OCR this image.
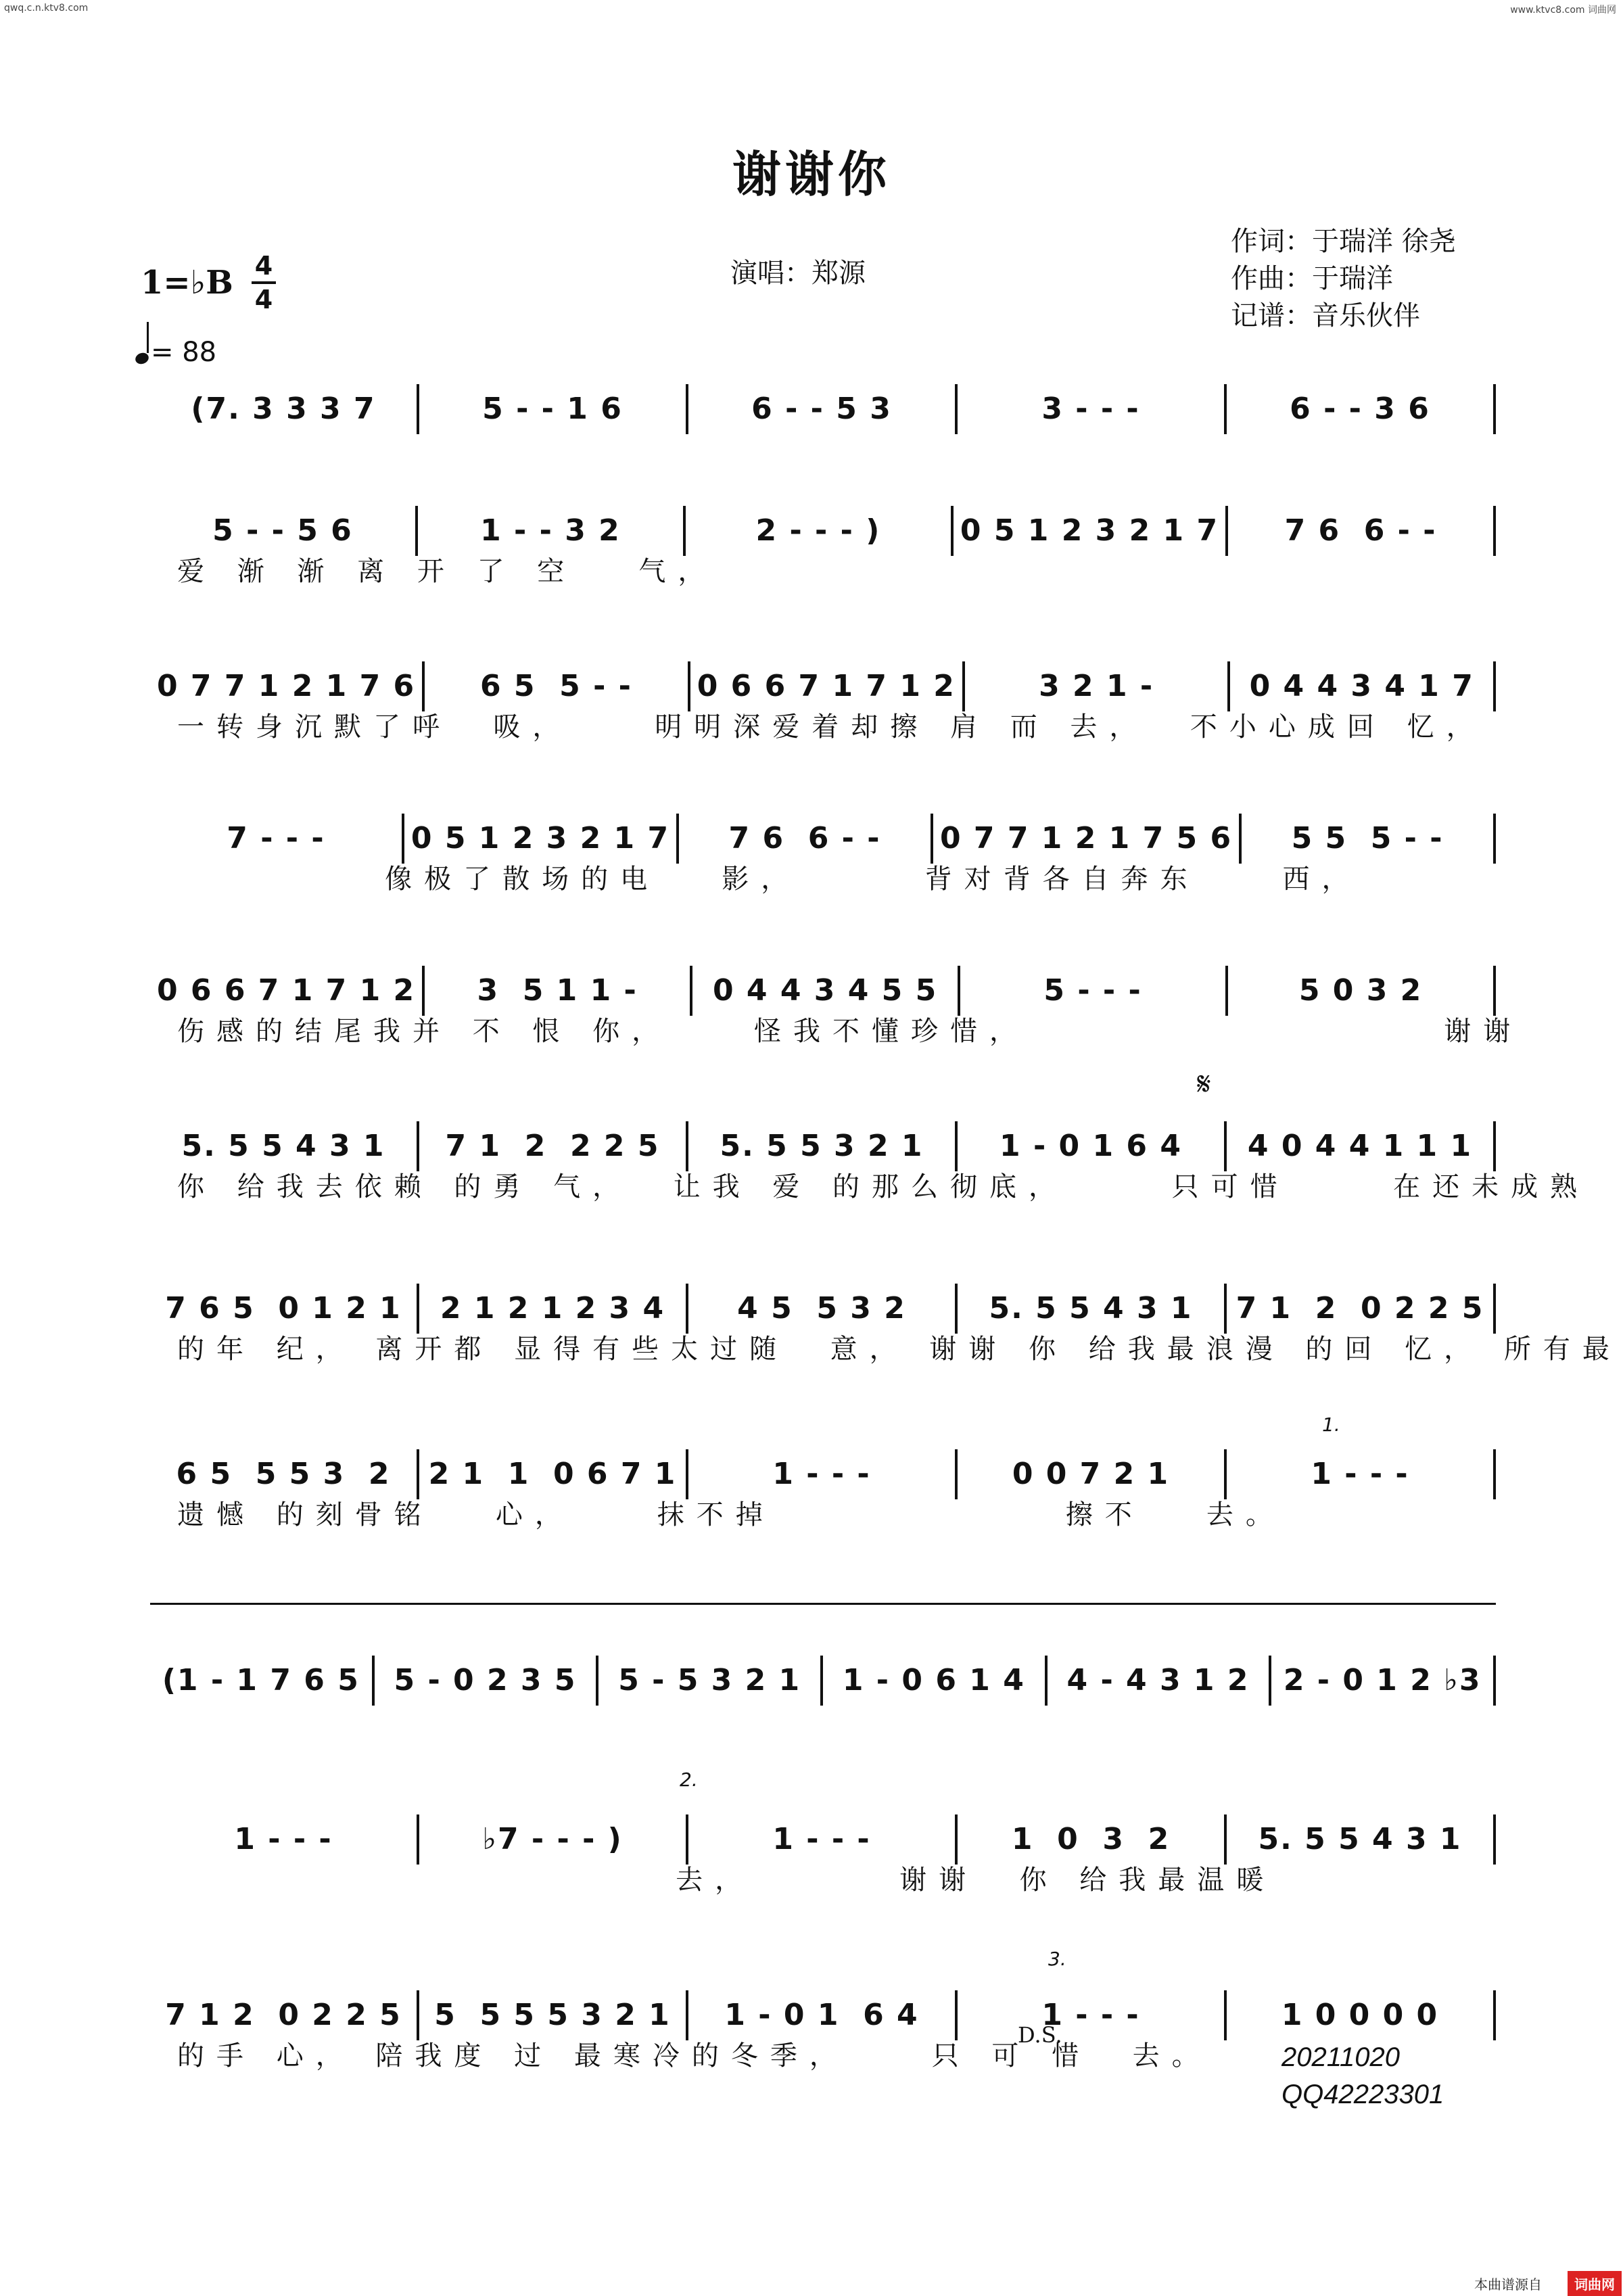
qwq.c.n.ktv8.com	www.ktvc8.com 词曲网
谢谢你
演唱：郑源
作词：于瑞洋 徐尧
作曲：于瑞洋
记谱：音乐伙伴
1=♭B 4
4
= 88
(7. 3 3 3 7	5 - - 1 6	6 - - 5 3	3 - - -	6 - - 3 6
5 - - 5 6	1 - - 3 2	2 - - - )	0 5 1 2 3 2 1 7	7 6  6 - -
爱 渐 渐 离 开 了 空   气，
0 7 7 1 2 1 7 6	6 5  5 - -	0 6 6 7 1 7 1 2	3 2 1 -	0 4 4 3 4 1 7
一转身沉默了呼  吸，    明明深爱着却擦 肩 而 去，  不小心成回 忆，
7 - - -	0 5 1 2 3 2 1 7	7 6  6 - -	0 7 7 1 2 1 7 5 6	5 5  5 - -
像极了散场的电   影，      背对背各自奔东    西，
0 6 6 7 1 7 1 2	3  5 1 1 -	0 4 4 3 4 5 5	5 - - -	5 0 3 2
伤感的结尾我并 不 恨 你，    怪我不懂珍惜，                    谢谢
5. 5 5 4 3 1	7 1  2  2 2 5	5. 5 5 3 2 1	1 - 0 1 6 4	4 0 4 4 1 1 1
你 给我去依赖 的勇 气，  让我 爱 的那么彻底，     只可惜     在还未成熟
7 6 5  0 1 2 1	2 1 2 1 2 3 4	4 5  5 3 2	5. 5 5 4 3 1	7 1  2  0 2 2 5
的年 纪， 离开都 显得有些太过随  意， 谢谢 你 给我最浪漫 的回 忆， 所有最
6 5  5 5 3  2	2 1  1  0 6 7 1	1 - - -	0 0 7 2 1	1 - - -
遗憾 的刻骨铭   心，    抹不掉              擦不   去。
(1 - 1 7 6 5	5 - 0 2 3 5	5 - 5 3 2 1	1 - 0 6 1 4	4 - 4 3 1 2	2 - 0 1 2 ♭3
1 - - -	♭7 - - - )	1 - - -	1  0  3  2	5. 5 5 4 3 1
去，       谢谢  你 给我最温暖
7 1 2  0 2 2 5	5  5 5 5 3 2 1	1 - 0 1  6 4	1 - - -	1 0 0 0 0
的手 心， 陪我度 过 最寒冷的冬季，    只 可 惜  去。
1.
2.
3.
𝄋
D.S.
20211020
QQ42223301
本曲谱源自	词曲网
